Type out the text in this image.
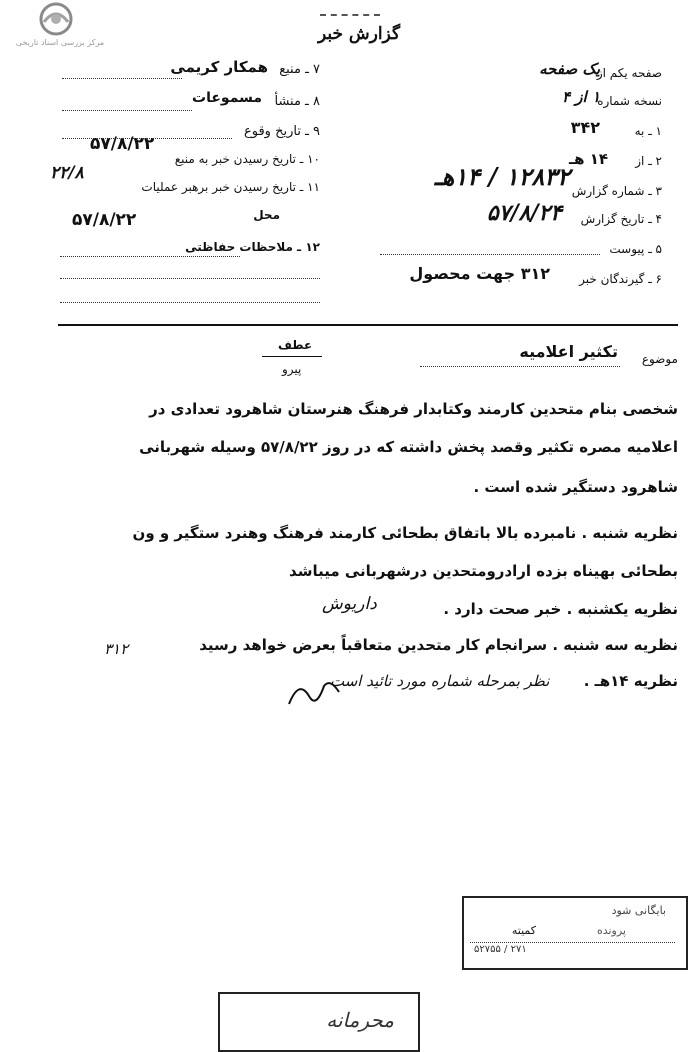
مرکز بررسی اسناد تاریخی	گزارش خبر
۷ ـ منبع
همکار کریمی
۸ ـ منشأ
مسموعات
۹ ـ تاریخ وقوع
۵۷/۸/۲۲
۱۰ ـ تاریخ رسیدن خبر به منبع
۱۱ ـ تاریخ رسیدن خبر برهبر عملیات
۲۲/۸
محل
۵۷/۸/۲۲
۱۲ ـ ملاحظات حفاظتی
صفحه یکم از
یک صفحه
نسخه شماره
۱ از ۴
۱ ـ به
۳۴۲
۲ ـ از
۱۴ هـ
۳ ـ شماره گزارش
۱۲۸۳۲ / ۱۴هـ
۴ ـ تاریخ گزارش
۵۷/۸/۲۴
۵ ـ پیوست
۶ ـ گیرندگان خبر
۳۱۲ جهت محصول
عطف
پیرو
موضوع
تکثیر اعلامیه
شخصی بنام متحدین کارمند وکتابدار فرهنگ هنرستان شاهرود تعدادی در
اعلامیه مصره تکثیر وقصد پخش داشته که در روز ۵۷/۸/۲۲ وسیله شهربانی
شاهرود دستگیر شده است .
نظریه شنبه . نامبرده بالا باتفاق بطحائی کارمند فرهنگ وهنرد ستگیر و ون
بطحائی بهیناه بزده ارادرومتحدین درشهربانی میباشد
نظریه یکشنبه . خبر صحت دارد .
نظریه سه شنبه . سرانجام کار متحدین متعاقباً بعرض خواهد رسید
نظریه ۱۴هـ .
داریوش
۳۱۲
نظر بمرحله شماره مورد تائید است
بایگانی شود
کمیته	پرونده
۵۲۷۵۵ / ۲۷۱
محرمانه
